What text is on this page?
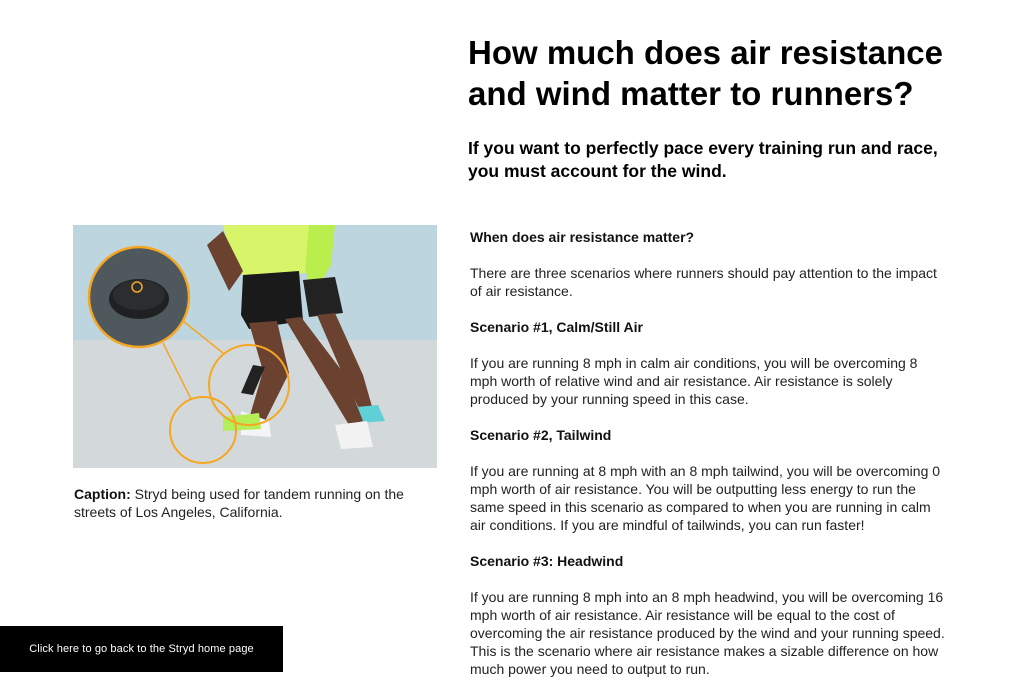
How much does air resistance and wind matter to runners?
If you want to perfectly pace every training run and race, you must account for the wind.
Caption: Stryd being used for tandem running on the streets of Los Angeles, California.
When does air resistance matter?

There are three scenarios where runners should pay attention to the impact of air resistance.

Scenario #1, Calm/Still Air

If you are running 8 mph in calm air conditions, you will be overcoming 8 mph worth of relative wind and air resistance. Air resistance is solely produced by your running speed in this case.

Scenario #2, Tailwind

If you are running at 8 mph with an 8 mph tailwind, you will be overcoming 0 mph worth of air resistance. You will be outputting less energy to run the same speed in this scenario as compared to when you are running in calm air conditions. If you are mindful of tailwinds, you can run faster!

Scenario #3: Headwind

If you are running 8 mph into an 8 mph headwind, you will be overcoming 16 mph worth of air resistance. Air resistance will be equal to the cost of overcoming the air resistance produced by the wind and your running speed. This is the scenario where air resistance makes a sizable difference on how much power you need to output to run.

Click here to go back to the Stryd home page
